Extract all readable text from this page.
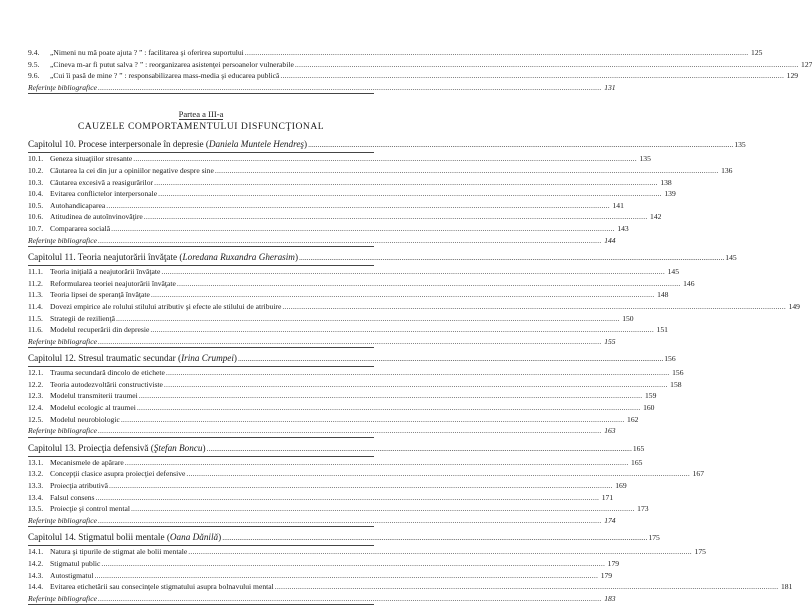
9.4.	„Nimeni nu mă poate ajuta ? ” : facilitarea şi oferirea suportului .....	125
9.5.	„Cineva m-ar fi putut salva ? ” : reorganizarea asistenţei persoanelor vulnerabile .....	127
9.6.	„Cui îi pasă de mine ? ” : responsabilizarea mass-media şi educarea publică .....	129
Referinţe bibliografice .....	131
Partea a III-a
CAUZELE COMPORTAMENTULUI DISFUNCŢIONAL
Capitolul 10. Procese interpersonale în depresie (Daniela Muntele Hendreş) .....	135
10.1. Geneza situaţiilor stresante .....	135
10.2. Căutarea la cei din jur a opiniilor negative despre sine .....	136
10.3. Căutarea excesivă a reasigurărilor .....	138
10.4. Evitarea conflictelor interpersonale .....	139
10.5. Autohandicaparea .....	141
10.6. Atitudinea de autoînvinovăţire .....	142
10.7. Compararea socială .....	143
Referinţe bibliografice .....	144
Capitolul 11. Teoria neajutorării învăţate (Loredana Ruxandra Gherasim) .....	145
11.1. Teoria iniţială a neajutorării învăţate .....	145
11.2. Reformularea teoriei neajutorării învăţate .....	146
11.3. Teoria lipsei de speranţă învăţate .....	148
11.4. Dovezi empirice ale rolului stilului atributiv şi efecte ale stilului de atribuire .....	149
11.5. Strategii de rezilienţă .....	150
11.6. Modelul recuperării din depresie .....	151
Referinţe bibliografice .....	155
Capitolul 12. Stresul traumatic secundar (Irina Crumpei) .....	156
12.1. Trauma secundară dincolo de etichete .....	156
12.2. Teoria autodezvoltării constructiviste .....	158
12.3. Modelul transmiterii traumei .....	159
12.4. Modelul ecologic al traumei .....	160
12.5. Modelul neurobiologic .....	162
Referinţe bibliografice .....	163
Capitolul 13. Proiecţia defensivă (Ştefan Boncu) .....	165
13.1. Mecanismele de apărare .....	165
13.2. Concepţii clasice asupra proiecţiei defensive .....	167
13.3. Proiecţia atributivă .....	169
13.4. Falsul consens .....	171
13.5. Proiecţie şi control mental .....	173
Referinţe bibliografice .....	174
Capitolul 14. Stigmatul bolii mentale (Oana Dănilă) .....	175
14.1. Natura şi tipurile de stigmat ale bolii mentale .....	175
14.2. Stigmatul public .....	179
14.3. Autostigmatul .....	179
14.4. Evitarea etichetării sau consecinţele stigmatului asupra bolnavului mental .....	181
Referinţe bibliografice .....	183
